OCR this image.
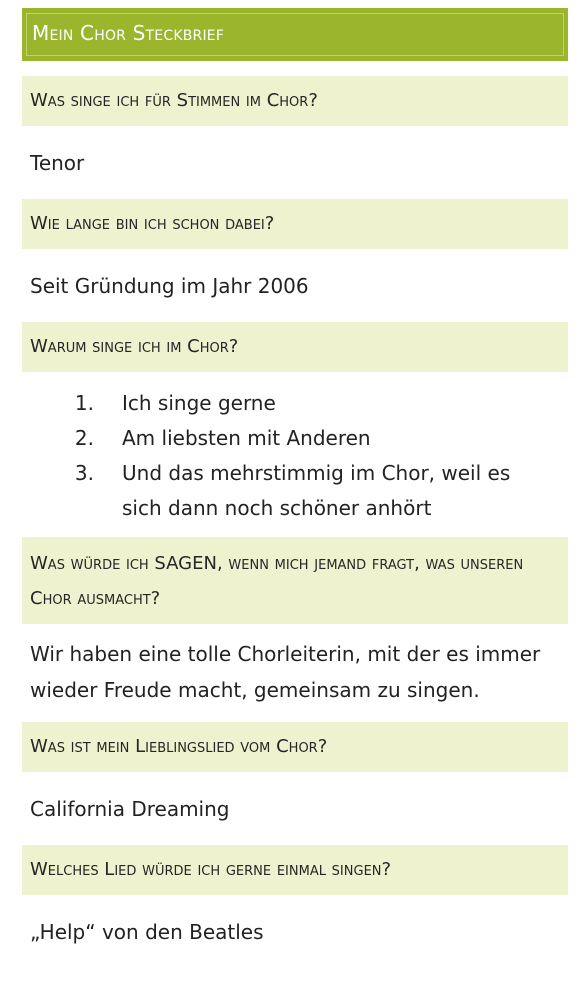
Mein Chor Steckbrief
Was singe ich für Stimmen im Chor?
Tenor
Wie lange bin ich schon dabei?
Seit Gründung im Jahr 2006
Warum singe ich im Chor?
1.	Ich singe gerne
2.	Am liebsten mit Anderen
3.	Und das mehrstimmig im Chor, weil es sich dann noch schöner anhört
Was würde ich SAGEN, wenn mich jemand fragt, was unseren Chor ausmacht?
Wir haben eine tolle Chorleiterin, mit der es immer wieder Freude macht, gemeinsam zu singen.
Was ist mein Lieblingslied vom Chor?
California Dreaming
Welches Lied würde ich gerne einmal singen?
„Help“ von den Beatles
